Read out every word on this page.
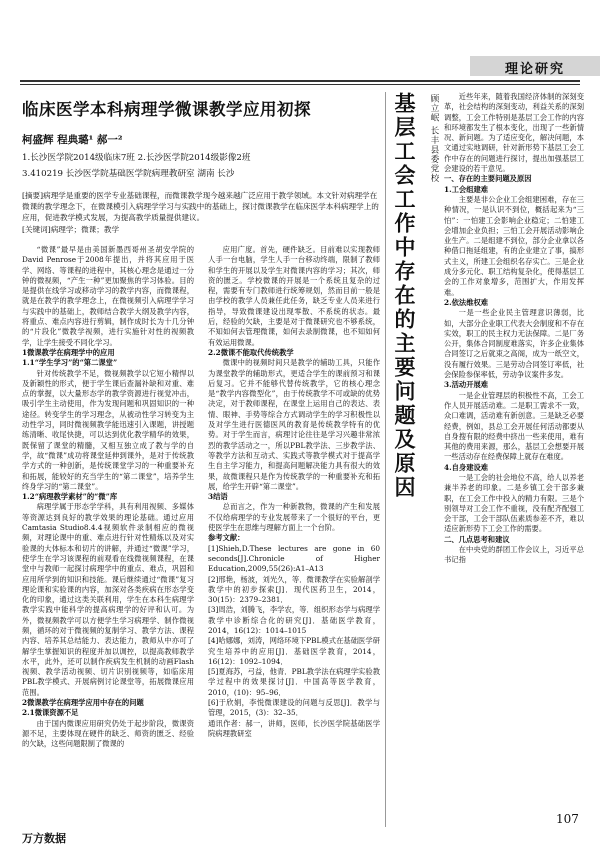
理论研究
临床医学本科病理学微课教学应用初探
柯盛辉 程典璐¹ 郝一²
1.长沙医学院2014级临床7班 2.长沙医学院2014级影像2班
3.410219 长沙医学院基础医学院病理教研室 湖南 长沙
[摘要]病理学是重要的医学专业基础课程，而微课教学现今越来越广泛应用于教学领域。本文针对病理学在微课的教学理念下，在微课模引入病理学学习与实践中的基础上，探讨微课教学在临床医学本科病理学上的应用，促进教学模式发展，为提高教学质量提供建议。
[关键词]病理学；微课；教学

“微课”最早是由美国新墨西哥州圣胡安学院的David Penrose于2008年提出，并将其应用于医学、网络、等课程的进程中，其核心理念是通过一分钟的微视频，“产生一种”更加聚焦的学习体验。目的是提供在线学习或移动学习的教学内容，而微课程，就是在教学的教学理念上，在微视频引入病理学学习与实践中的基础上，教师结合教学大纲及教学内容，将重点、难点内容进行剪辑，制作成时长为十几分钟的“片段化”微教学视频，进行实施针对性的视频教学，让学生接受不同化学习。

1微课教学在病理学中的应用

1.1“学生学习”的“第二课堂”

针对传统教学不足，微视频教学以它短小精悍以及新颖性的形式，便于学生课后查漏补缺和对重、难点的掌握，以大量形态学的教学资源进行视觉冲击，吸引学生主动使用，作为发现问题和巩固知识的一种途径。转变学生的学习理念，从被动性学习转变为主动性学习，同时微视频教学能迅速引入课题，讲授题练清晰、收尾快捷，可以达到优化教学精华的效果，既保留了课堂的精髓，又相互独立成了教与学的自学，故“微课”成功将课堂延伸到课外，是对于传统教学方式的一种创新，是传统课堂学习的一种重要补充和拓展，能较好的充当学生的“第二课堂”，培养学生终身学习的“第二课堂”。

1.2“病理教学素材”的“微”库

病理学属于形态学学科，具有利用视频、多媒体等资源达到良好的教学效果的理论基础。通过应用Camtasia Studio8.4.4视频软件录制相应的微视频，对理论课中的重、难点进行针对性精炼以及对实验课的大体标本和切片的讲解，并通过“微课”学习，使学生在学习该课程的前观看在线微视频课程，在课堂中与教师一起探讨病理学中的重点、难点，巩固和应用所学到的知识和技能。课后继续通过“微课”复习理论课和实验课的内容，加深对各类疾病在形态学变化的印象，通过这类关联利用，学生在本科生病理学教学实践中能科学的提高病理学的好评和认可。为外，微视频教学可以方便学生学习病理学、制作微视频，循环的对于微视频的复制学习、教学方法、课程内容、培养其总结能力、表达能力，教师从中亦可了解学生掌握知识的程度并加以调控，以提高教师教学水平，此外，还可以制作疾病发生机制的动画Flash视频、教学活动视频、切片识别视频等，如临床用PBL教学模式、开展病例讨论课堂等，拓展微课应用范围。

2微课教学在病理学应用中存在的问题

2.1微课资源不足

由于国内微课应用研究仍处于起步阶段，微课资源不足，主要体现在硬件的缺乏、师资的匮乏、经验的欠缺，这些问题限制了微课的

应用广度。首先，硬件缺乏。目前难以实现教师人手一台电脑，学生人手一台移动终端，限制了教师和学生的开展以及学生对微课内容的学习；其次，师资的匮乏。学校微课的开展是一个系统且复杂的过程，需要有专门教师进行统筹规划，然而目前一般是由学校的教学人员兼任此任务，缺乏专业人员来进行指导，导致微课建设出现零散、不系统的状态。最后，经验的欠缺，主要是对于微课研究也不够系统，不知如何去管理微课，如何去录制微课，也不知如何有效运用微课。

2.2微课不能取代传统教学

微课中的视频时间只是教学的辅助工具，只能作为课堂教学的辅助形式，更适合学生的课前预习和课后复习。它并不能够代替传统教学，它的核心理念是“教学内容微型化”，由于传统教学不可或缺的优势决定，对于教师课程，在课堂上运用自己的表达、表情、眼神、手势等综合方式调动学生的学习积极性以及对学生进行医德医风的教育是传统教学特有的优势。对于学生而言，病理讨论往往是学习兴趣非常浓烈的教学活动之一，所以PBL教学法、三步教学法、等教学方法和互动式、实践式等教学模式对于提高学生自主学习能力，和提高问题解决能力具有很大的效果，故微课程只是作为传统教学的一种重要补充和拓展，给学生开辟“第二课堂”。

3结语

总而言之，作为一种新教物，微课的产生和发展不仅给病理学的专业发展带来了一个很好的平台，更使医学生在思维与理解方面上一个台阶。

参考文献：

[1]Shieh,D.These lectures are gone in 60 seconds[J].Chronicle of Higher Education,2009,55(26):A1–A13

[2]邢艳，杨波，刘光久，等．微课教学在实验解剖学教学中的初步探索[J]．现代医药卫生，2014，30(15)：2379–2381．

[3]周浩，刘腾飞，李学农，等．组织形态学与病理学教学中诊断综合化的研究[J]．基础医学教育，2014，16(12)：1014–1015

[4]哈娜娜，刘涛，网络环境下PBL模式在基础医学研究生培养中的应用[J]．基础医学教育，2014，16(12)：1092–1094．

[5]夏海苏，弓益，他青．PBL教学法在病理学实验教学过程中的效果探讨[J]．中国高等医学教育，2010，(10)：95–96．

[6]于欣娟，李悦微课建设的问题与反思[J]．教学与管理，2015，(3)：32–35．

通讯作者：郝一，讲师，医师，长沙医学院基础医学院病理教研室

基层工会工作中存在的主要问题及原因	顾立岷 长丰县委党校	近些年来，随着我国经济体制的深刻变革，社会结构的深刻变动，利益关系的深刻调整，工会工作特别是基层工会工作的内容和环境都发生了根本变化，出现了一些新情况、新问题。为了适应变化，解决问题，本文通过实地调研，针对新形势下基层工会工作中存在的问题进行探讨，提出加强基层工会建设的若干意见。

一、存在的主要问题及原因

1.工会组建难

主要是非公企业工会组建困难，存在三种情况，一是认识不到位，概括起来为“三怕”：一怕建工会影响企业稳定；二怕建工会增加企业负担；三怕工会开展活动影响企业生产。二是组建不到位，部分企业拿以各种借口拖延组建，有的企业建立了事，搞形式主义，所建工会组织名存实亡。三是企业成分多元化、职工结构复杂化，使得基层工会的工作对象增多，范围扩大，作用发挥难。

2.依法维权难

一是一些企业民主管理意识薄弱，比如，大部分企业职工代表大会制度和不存在实效，职工的民主权力无法保障。二是厂务公开，集体合同制度难落实，许多企业集体合同签订之后就束之高阁，成为一纸空文，没有履行效果。三是劳动合同签订率低，社会保险参保率低，劳动争议案件多发。

3.活动开展难

一是企业管理层的积极性不高，工会工作人员开展活动难。二是职工需求不一致，众口难调，活动难有新创意。三是缺乏必要经费，例如，县总工会开展任何活动都要从自身搜有限的经费中挤出一些来使用，难有其他的费用来源，那么，基层工会想要开展一些活动存在经费保障上就存在难度。

4.自身建设难

一是工会的社会地位不高，给人以养老兼半养老的印象。二是乡镇工会干部多兼职，在工会工作中投入的精力有限。三是个别领导对工会工作不重视，没有配齐配强工会干部，工会干部队伍素质参差不齐，难以适应新形势下工会工作的需要。

二、几点思考和建议

在中央党的群团工作会议上，习近平总书记指

107
万方数据
